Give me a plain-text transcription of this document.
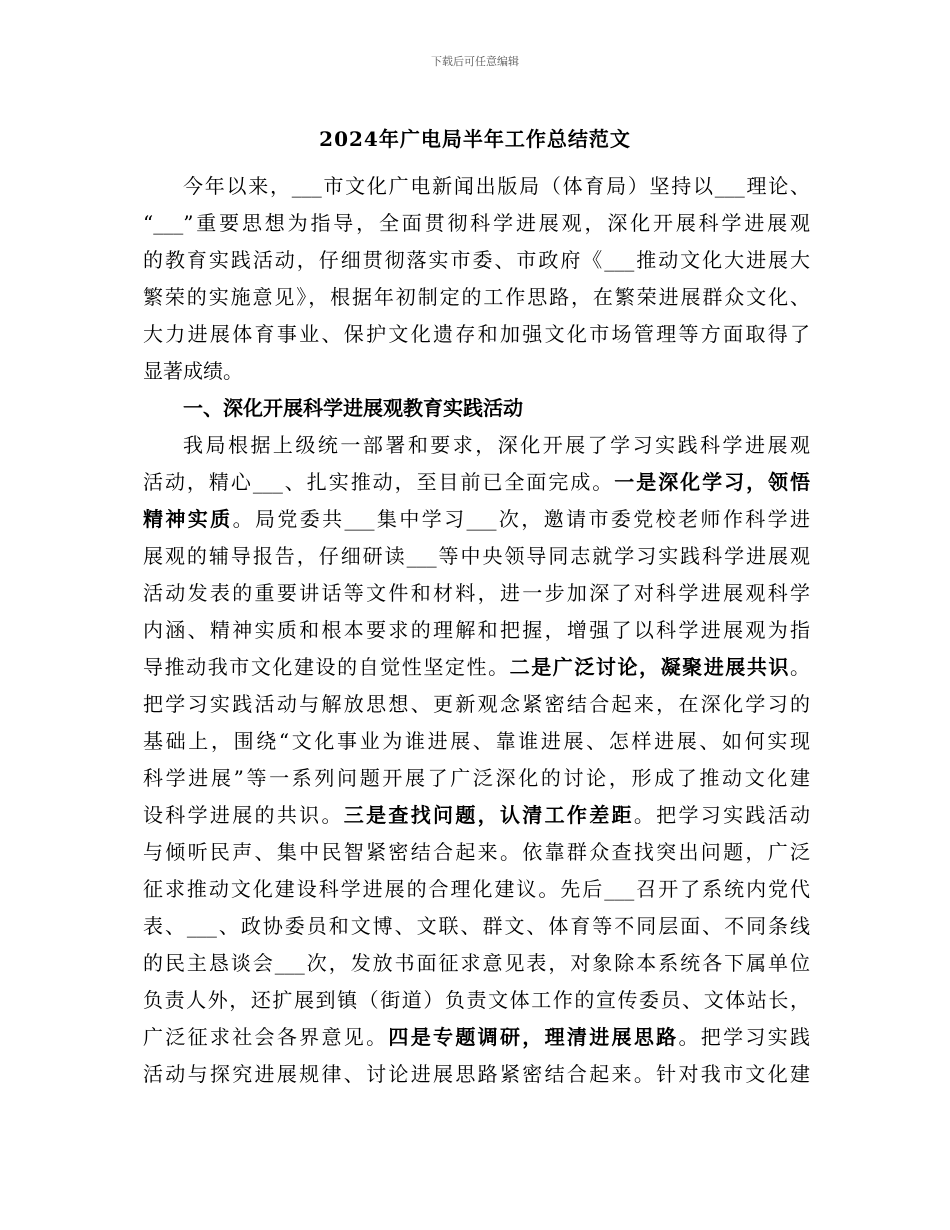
下载后可任意编辑
2024年广电局半年工作总结范文
今年以来，___市文化广电新闻出版局（体育局）坚持以___理论、
“___”重要思想为指导，全面贯彻科学进展观，深化开展科学进展观
的教育实践活动，仔细贯彻落实市委、市政府《___推动文化大进展大
繁荣的实施意见》，根据年初制定的工作思路，在繁荣进展群众文化、
大力进展体育事业、保护文化遗存和加强文化市场管理等方面取得了
显著成绩。
一、深化开展科学进展观教育实践活动
我局根据上级统一部署和要求，深化开展了学习实践科学进展观
活动，精心___、扎实推动，至目前已全面完成。一是深化学习，领悟
精神实质。局党委共___集中学习___次，邀请市委党校老师作科学进
展观的辅导报告，仔细研读___等中央领导同志就学习实践科学进展观
活动发表的重要讲话等文件和材料，进一步加深了对科学进展观科学
内涵、精神实质和根本要求的理解和把握，增强了以科学进展观为指
导推动我市文化建设的自觉性坚定性。二是广泛讨论，凝聚进展共识。
把学习实践活动与解放思想、更新观念紧密结合起来，在深化学习的
基础上，围绕“文化事业为谁进展、靠谁进展、怎样进展、如何实现
科学进展”等一系列问题开展了广泛深化的讨论，形成了推动文化建
设科学进展的共识。三是查找问题，认清工作差距。把学习实践活动
与倾听民声、集中民智紧密结合起来。依靠群众查找突出问题，广泛
征求推动文化建设科学进展的合理化建议。先后___召开了系统内党代
表、___、政协委员和文博、文联、群文、体育等不同层面、不同条线
的民主恳谈会___次，发放书面征求意见表，对象除本系统各下属单位
负责人外，还扩展到镇（街道）负责文体工作的宣传委员、文体站长，
广泛征求社会各界意见。四是专题调研，理清进展思路。把学习实践
活动与探究进展规律、讨论进展思路紧密结合起来。针对我市文化建
